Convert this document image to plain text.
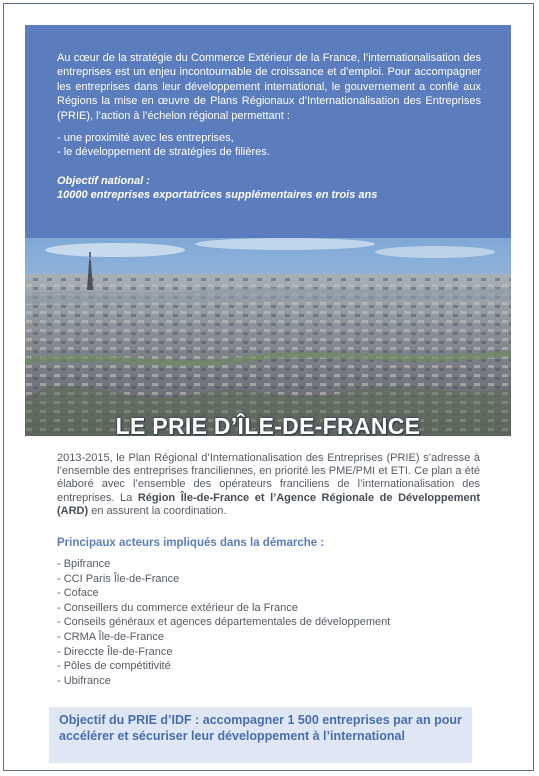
Au cœur de la stratégie du Commerce Extérieur de la France, l’internationalisation des entreprises est un enjeu incontournable de croissance et d’emploi. Pour accompagner les entreprises dans leur développement international, le gouvernement a confié aux Régions la mise en œuvre de Plans Régionaux d’Internationalisation des Entreprises (PRIE), l’action à l’échelon régional permettant :

- une proximité avec les entreprises,
- le développement de stratégies de filières.

Objectif national :

10000 entreprises exportatrices supplémentaires en trois ans

LE PRIE D’ÎLE-DE-FRANCE

2013-2015, le Plan Régional d’Internationalisation des Entreprises (PRIE) s’adresse à l’ensemble des entreprises franciliennes, en priorité les PME/PMI et ETI. Ce plan a été élaboré avec l’ensemble des opérateurs franciliens de l’internationalisation des entreprises. La Région Île-de-France et l’Agence Régionale de Développement (ARD) en assurent la coordination.

Principaux acteurs impliqués dans la démarche :

- Bpifrance
- CCI Paris Île-de-France
- Coface
- Conseillers du commerce extérieur de la France
- Conseils généraux et agences départementales de développement
- CRMA Île-de-France
- Direccte Île-de-France
- Pôles de compétitivité
- Ubifrance

Objectif du PRIE d’IDF : accompagner 1 500 entreprises par an pour accélérer et sécuriser leur développement à l’international
